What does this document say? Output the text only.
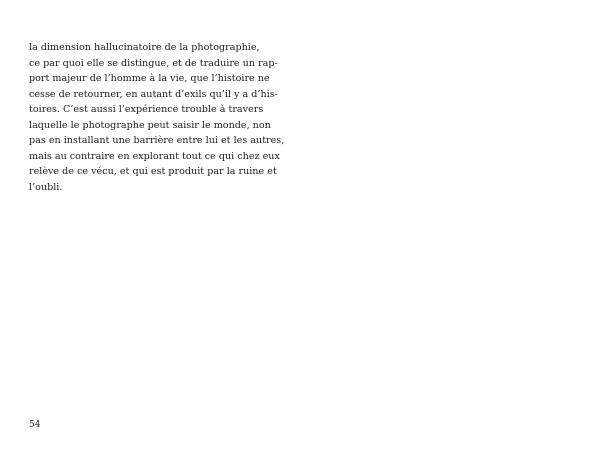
la dimension hallucinatoire de la photographie,
ce par quoi elle se distingue, et de traduire un rap-
port majeur de l’homme à la vie, que l’histoire ne
cesse de retourner, en autant d’exils qu’il y a d’his-
toires. C’est aussi l’expérience trouble à travers
laquelle le photographe peut saisir le monde, non
pas en installant une barrière entre lui et les autres,
mais au contraire en explorant tout ce qui chez eux
relève de ce vécu, et qui est produit par la ruine et
l’oubli.
54
